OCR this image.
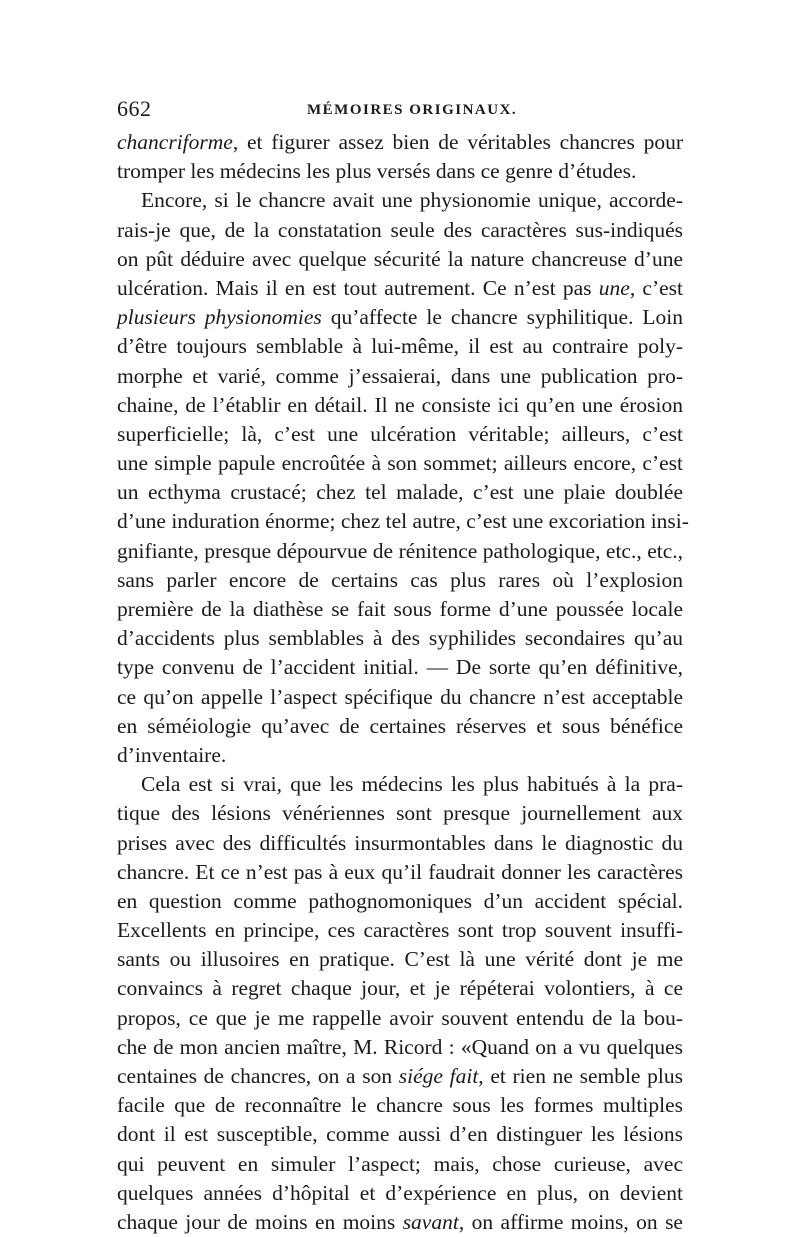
662	MÉMOIRES ORIGINAUX.
chancriforme, et figurer assez bien de véritables chancres pour
tromper les médecins les plus versés dans ce genre d’études.
Encore, si le chancre avait une physionomie unique, accorde-
rais-je que, de la constatation seule des caractères sus-indiqués
on pût déduire avec quelque sécurité la nature chancreuse d’une
ulcération. Mais il en est tout autrement. Ce n’est pas une, c’est
plusieurs physionomies qu’affecte le chancre syphilitique. Loin
d’être toujours semblable à lui-même, il est au contraire poly-
morphe et varié, comme j’essaierai, dans une publication pro-
chaine, de l’établir en détail. Il ne consiste ici qu’en une érosion
superficielle; là, c’est une ulcération véritable; ailleurs, c’est
une simple papule encroûtée à son sommet; ailleurs encore, c’est
un ecthyma crustacé; chez tel malade, c’est une plaie doublée
d’une induration énorme; chez tel autre, c’est une excoriation insi-
gnifiante, presque dépourvue de rénitence pathologique, etc., etc.,
sans parler encore de certains cas plus rares où l’explosion
première de la diathèse se fait sous forme d’une poussée locale
d’accidents plus semblables à des syphilides secondaires qu’au
type convenu de l’accident initial. — De sorte qu’en définitive,
ce qu’on appelle l’aspect spécifique du chancre n’est acceptable
en séméiologie qu’avec de certaines réserves et sous bénéfice
d’inventaire.
Cela est si vrai, que les médecins les plus habitués à la pra-
tique des lésions vénériennes sont presque journellement aux
prises avec des difficultés insurmontables dans le diagnostic du
chancre. Et ce n’est pas à eux qu’il faudrait donner les caractères
en question comme pathognomoniques d’un accident spécial.
Excellents en principe, ces caractères sont trop souvent insuffi-
sants ou illusoires en pratique. C’est là une vérité dont je me
convaincs à regret chaque jour, et je répéterai volontiers, à ce
propos, ce que je me rappelle avoir souvent entendu de la bou-
che de mon ancien maître, M. Ricord : «Quand on a vu quelques
centaines de chancres, on a son siége fait, et rien ne semble plus
facile que de reconnaître le chancre sous les formes multiples
dont il est susceptible, comme aussi d’en distinguer les lésions
qui peuvent en simuler l’aspect; mais, chose curieuse, avec
quelques années d’hôpital et d’expérience en plus, on devient
chaque jour de moins en moins savant, on affirme moins, on se
